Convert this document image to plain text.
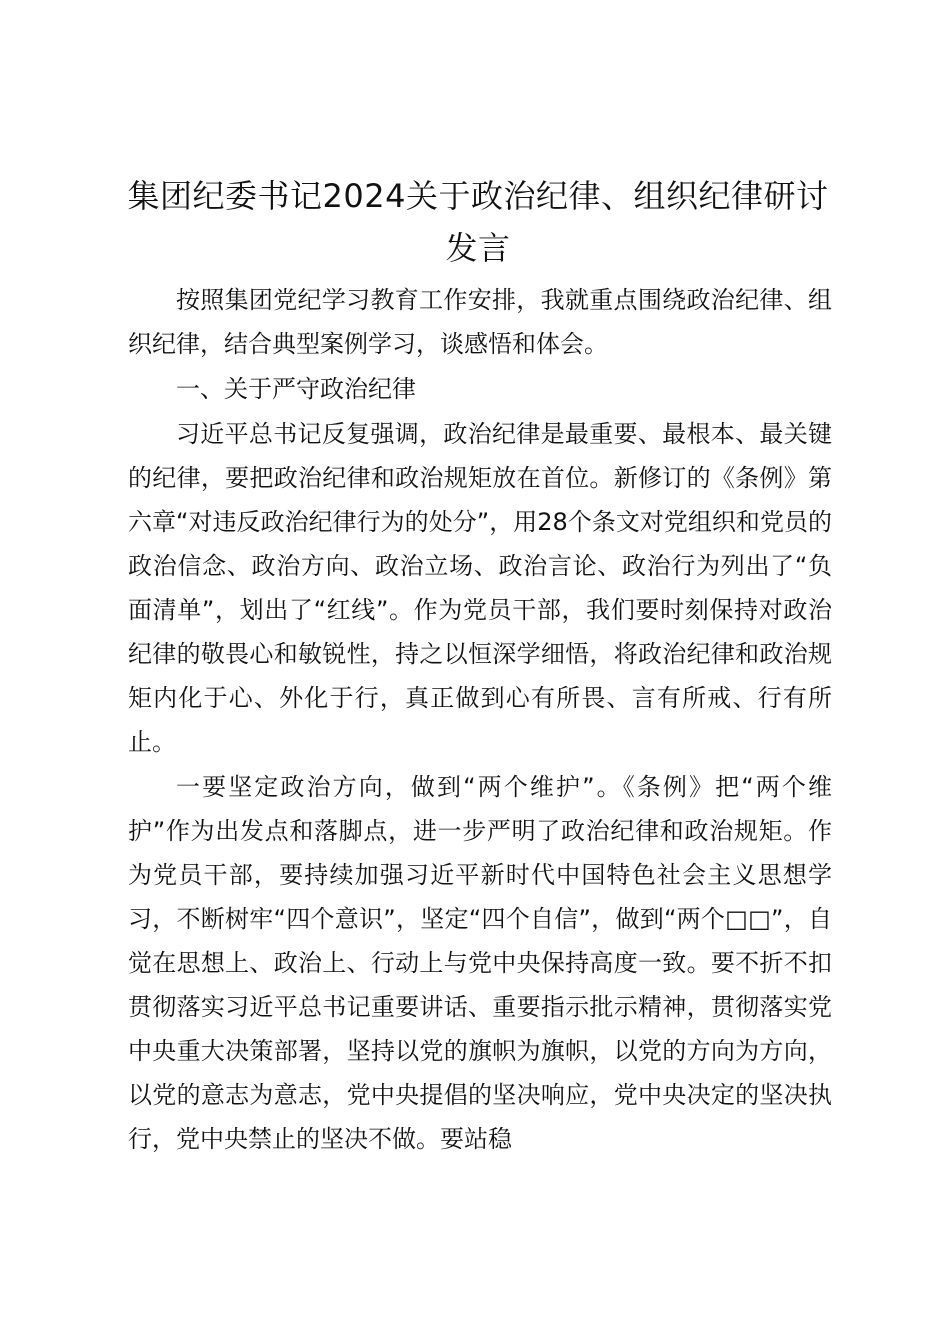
集团纪委书记2024关于政治纪律、组织纪律研讨发言

按照集团党纪学习教育工作安排，我就重点围绕政治纪律、组织纪律，结合典型案例学习，谈感悟和体会。

一、关于严守政治纪律

习近平总书记反复强调，政治纪律是最重要、最根本、最关键的纪律，要把政治纪律和政治规矩放在首位。新修订的《条例》第六章“对违反政治纪律行为的处分”，用28个条文对党组织和党员的政治信念、政治方向、政治立场、政治言论、政治行为列出了“负面清单”，划出了“红线”。作为党员干部，我们要时刻保持对政治纪律的敬畏心和敏锐性，持之以恒深学细悟，将政治纪律和政治规矩内化于心、外化于行，真正做到心有所畏、言有所戒、行有所止。

一要坚定政治方向，做到“两个维护”。《条例》把“两个维护”作为出发点和落脚点，进一步严明了政治纪律和政治规矩。作为党员干部，要持续加强习近平新时代中国特色社会主义思想学习，不断树牢“四个意识”，坚定“四个自信”，做到“两个□□”，自觉在思想上、政治上、行动上与党中央保持高度一致。要不折不扣贯彻落实习近平总书记重要讲话、重要指示批示精神，贯彻落实党中央重大决策部署，坚持以党的旗帜为旗帜，以党的方向为方向，以党的意志为意志，党中央提倡的坚决响应，党中央决定的坚决执行，党中央禁止的坚决不做。要站稳
